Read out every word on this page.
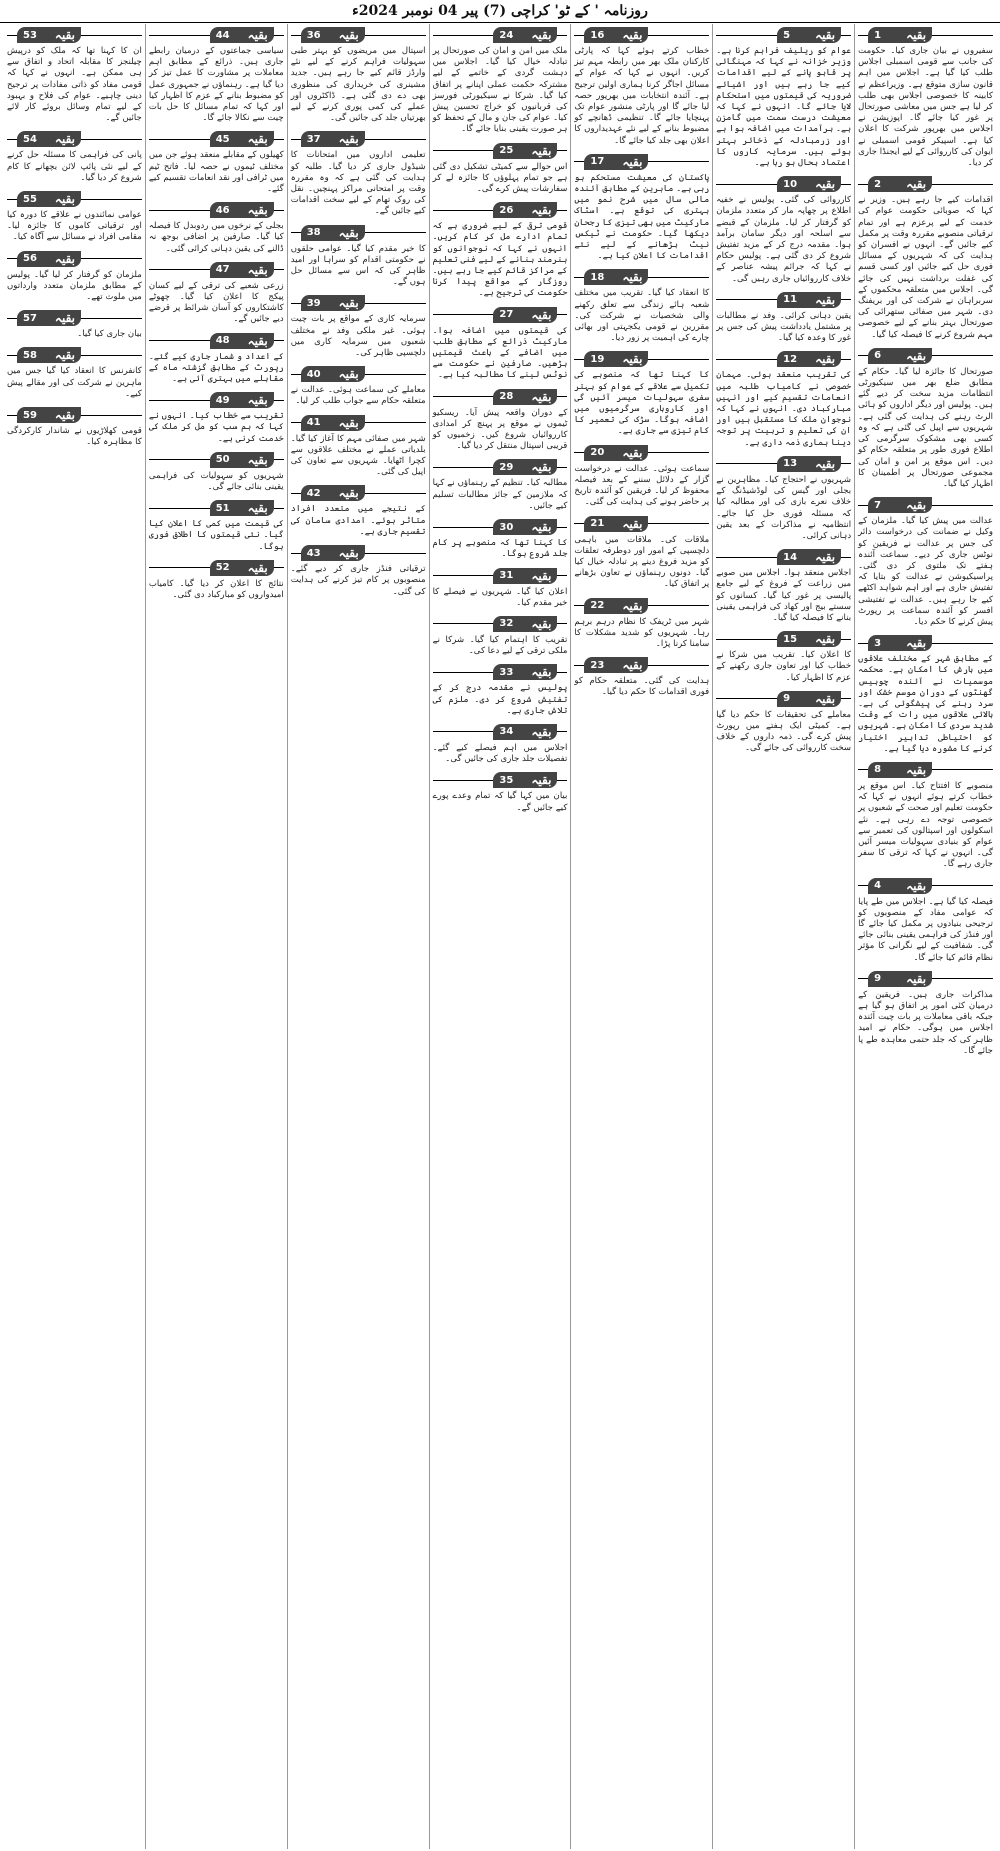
روزنامہ ' کے ٹو' کراچی (7) پیر 04 نومبر 2024ء
1 بقیہ
سفیروں نے بیان جاری کیا۔ حکومت کی جانب سے قومی اسمبلی اجلاس طلب کیا گیا ہے۔ اجلاس میں اہم قانون سازی متوقع ہے۔ وزیراعظم نے کابینہ کا خصوصی اجلاس بھی طلب کر لیا ہے جس میں معاشی صورتحال پر غور کیا جائے گا۔ اپوزیشن نے اجلاس میں بھرپور شرکت کا اعلان کیا ہے۔ اسپیکر قومی اسمبلی نے ایوان کی کارروائی کے لیے ایجنڈا جاری کر دیا۔
2 بقیہ
اقدامات کیے جا رہے ہیں۔ وزیر نے کہا کہ صوبائی حکومت عوام کی خدمت کے لیے پرعزم ہے اور تمام ترقیاتی منصوبے مقررہ وقت پر مکمل کیے جائیں گے۔ انہوں نے افسران کو ہدایت کی کہ شہریوں کے مسائل فوری حل کیے جائیں اور کسی قسم کی غفلت برداشت نہیں کی جائے گی۔ اجلاس میں متعلقہ محکموں کے سربراہان نے شرکت کی اور بریفنگ دی۔ شہر میں صفائی ستھرائی کی صورتحال بہتر بنانے کے لیے خصوصی مہم شروع کرنے کا فیصلہ کیا گیا۔
6 بقیہ
صورتحال کا جائزہ لیا گیا۔ حکام کے مطابق ضلع بھر میں سیکیورٹی انتظامات مزید سخت کر دیے گئے ہیں۔ پولیس اور دیگر اداروں کو ہائی الرٹ رہنے کی ہدایت کی گئی ہے۔ شہریوں سے اپیل کی گئی ہے کہ وہ کسی بھی مشکوک سرگرمی کی اطلاع فوری طور پر متعلقہ حکام کو دیں۔ اس موقع پر امن و امان کی مجموعی صورتحال پر اطمینان کا اظہار کیا گیا۔
7 بقیہ
عدالت میں پیش کیا گیا۔ ملزمان کے وکیل نے ضمانت کی درخواست دائر کی جس پر عدالت نے فریقین کو نوٹس جاری کر دیے۔ سماعت آئندہ ہفتے تک ملتوی کر دی گئی۔ پراسیکیوشن نے عدالت کو بتایا کہ تفتیش جاری ہے اور اہم شواہد اکٹھے کیے جا رہے ہیں۔ عدالت نے تفتیشی افسر کو آئندہ سماعت پر رپورٹ پیش کرنے کا حکم دیا۔
3 بقیہ
کے مطابق شہر کے مختلف علاقوں میں بارش کا امکان ہے۔ محکمہ موسمیات نے آئندہ چوبیس گھنٹوں کے دوران موسم خشک اور سرد رہنے کی پیشگوئی کی ہے۔ بالائی علاقوں میں رات کے وقت شدید سردی کا امکان ہے۔ شہریوں کو احتیاطی تدابیر اختیار کرنے کا مشورہ دیا گیا ہے۔
8 بقیہ
منصوبے کا افتتاح کیا۔ اس موقع پر خطاب کرتے ہوئے انہوں نے کہا کہ حکومت تعلیم اور صحت کے شعبوں پر خصوصی توجہ دے رہی ہے۔ نئے اسکولوں اور اسپتالوں کی تعمیر سے عوام کو بنیادی سہولیات میسر آئیں گی۔ انہوں نے کہا کہ ترقی کا سفر جاری رہے گا۔
4 بقیہ
فیصلہ کیا گیا ہے۔ اجلاس میں طے پایا کہ عوامی مفاد کے منصوبوں کو ترجیحی بنیادوں پر مکمل کیا جائے گا اور فنڈز کی فراہمی یقینی بنائی جائے گی۔ شفافیت کے لیے نگرانی کا مؤثر نظام قائم کیا جائے گا۔
9 بقیہ
مذاکرات جاری ہیں۔ فریقین کے درمیان کئی امور پر اتفاق ہو گیا ہے جبکہ باقی معاملات پر بات چیت آئندہ اجلاس میں ہوگی۔ حکام نے امید ظاہر کی کہ جلد حتمی معاہدہ طے پا جائے گا۔
5 بقیہ
عوام کو ریلیف فراہم کرنا ہے۔ وزیر خزانہ نے کہا کہ مہنگائی پر قابو پانے کے لیے اقدامات کیے جا رہے ہیں اور اشیائے ضروریہ کی قیمتوں میں استحکام لایا جائے گا۔ انہوں نے کہا کہ معیشت درست سمت میں گامزن ہے۔ برآمدات میں اضافہ ہوا ہے اور زرمبادلہ کے ذخائر بہتر ہوئے ہیں۔ سرمایہ کاروں کا اعتماد بحال ہو رہا ہے۔
10 بقیہ
کارروائی کی گئی۔ پولیس نے خفیہ اطلاع پر چھاپہ مار کر متعدد ملزمان کو گرفتار کر لیا۔ ملزمان کے قبضے سے اسلحہ اور دیگر سامان برآمد ہوا۔ مقدمہ درج کر کے مزید تفتیش شروع کر دی گئی ہے۔ پولیس حکام نے کہا کہ جرائم پیشہ عناصر کے خلاف کارروائیاں جاری رہیں گی۔
11 بقیہ
یقین دہانی کرائی۔ وفد نے مطالبات پر مشتمل یادداشت پیش کی جس پر غور کا وعدہ کیا گیا۔
12 بقیہ
کی تقریب منعقد ہوئی۔ مہمان خصوصی نے کامیاب طلبہ میں انعامات تقسیم کیے اور انہیں مبارکباد دی۔ انہوں نے کہا کہ نوجوان ملک کا مستقبل ہیں اور ان کی تعلیم و تربیت پر توجہ دینا ہماری ذمہ داری ہے۔
13 بقیہ
شہریوں نے احتجاج کیا۔ مظاہرین نے بجلی اور گیس کی لوڈشیڈنگ کے خلاف نعرے بازی کی اور مطالبہ کیا کہ مسئلہ فوری حل کیا جائے۔ انتظامیہ نے مذاکرات کے بعد یقین دہانی کرائی۔
14 بقیہ
اجلاس منعقد ہوا۔ اجلاس میں صوبے میں زراعت کے فروغ کے لیے جامع پالیسی پر غور کیا گیا۔ کسانوں کو سستے بیج اور کھاد کی فراہمی یقینی بنانے کا فیصلہ کیا گیا۔
15 بقیہ
کا اعلان کیا۔ تقریب میں شرکا نے خطاب کیا اور تعاون جاری رکھنے کے عزم کا اظہار کیا۔
9 بقیہ
معاملے کی تحقیقات کا حکم دیا گیا ہے۔ کمیٹی ایک ہفتے میں رپورٹ پیش کرے گی۔ ذمہ داروں کے خلاف سخت کارروائی کی جائے گی۔
16 بقیہ
خطاب کرتے ہوئے کہا کہ پارٹی کارکنان ملک بھر میں رابطہ مہم تیز کریں۔ انہوں نے کہا کہ عوام کے مسائل اجاگر کرنا ہماری اولین ترجیح ہے۔ آئندہ انتخابات میں بھرپور حصہ لیا جائے گا اور پارٹی منشور عوام تک پہنچایا جائے گا۔ تنظیمی ڈھانچے کو مضبوط بنانے کے لیے نئے عہدیداروں کا اعلان بھی جلد کیا جائے گا۔
17 بقیہ
پاکستان کی معیشت مستحکم ہو رہی ہے۔ ماہرین کے مطابق آئندہ مالی سال میں شرح نمو میں بہتری کی توقع ہے۔ اسٹاک مارکیٹ میں بھی تیزی کا رجحان دیکھا گیا۔ حکومت نے ٹیکس نیٹ بڑھانے کے لیے نئے اقدامات کا اعلان کیا ہے۔
18 بقیہ
کا انعقاد کیا گیا۔ تقریب میں مختلف شعبہ ہائے زندگی سے تعلق رکھنے والی شخصیات نے شرکت کی۔ مقررین نے قومی یکجہتی اور بھائی چارے کی اہمیت پر زور دیا۔
19 بقیہ
کا کہنا تھا کہ منصوبے کی تکمیل سے علاقے کے عوام کو بہتر سفری سہولیات میسر آئیں گی اور کاروباری سرگرمیوں میں اضافہ ہوگا۔ سڑک کی تعمیر کا کام تیزی سے جاری ہے۔
20 بقیہ
سماعت ہوئی۔ عدالت نے درخواست گزار کے دلائل سننے کے بعد فیصلہ محفوظ کر لیا۔ فریقین کو آئندہ تاریخ پر حاضر ہونے کی ہدایت کی گئی۔
21 بقیہ
ملاقات کی۔ ملاقات میں باہمی دلچسپی کے امور اور دوطرفہ تعلقات کو مزید فروغ دینے پر تبادلہ خیال کیا گیا۔ دونوں رہنماؤں نے تعاون بڑھانے پر اتفاق کیا۔
22 بقیہ
شہر میں ٹریفک کا نظام درہم برہم رہا۔ شہریوں کو شدید مشکلات کا سامنا کرنا پڑا۔
23 بقیہ
ہدایت کی گئی۔ متعلقہ حکام کو فوری اقدامات کا حکم دیا گیا۔
24 بقیہ
ملک میں امن و امان کی صورتحال پر تبادلہ خیال کیا گیا۔ اجلاس میں دہشت گردی کے خاتمے کے لیے مشترکہ حکمت عملی اپنانے پر اتفاق کیا گیا۔ شرکا نے سیکیورٹی فورسز کی قربانیوں کو خراج تحسین پیش کیا۔ عوام کی جان و مال کے تحفظ کو ہر صورت یقینی بنایا جائے گا۔
25 بقیہ
اس حوالے سے کمیٹی تشکیل دی گئی ہے جو تمام پہلوؤں کا جائزہ لے کر سفارشات پیش کرے گی۔
26 بقیہ
قومی ترقی کے لیے ضروری ہے کہ تمام ادارے مل کر کام کریں۔ انہوں نے کہا کہ نوجوانوں کو ہنرمند بنانے کے لیے فنی تعلیم کے مراکز قائم کیے جا رہے ہیں۔ روزگار کے مواقع پیدا کرنا حکومت کی ترجیح ہے۔
27 بقیہ
کی قیمتوں میں اضافہ ہوا۔ مارکیٹ ذرائع کے مطابق طلب میں اضافے کے باعث قیمتیں بڑھیں۔ صارفین نے حکومت سے نوٹس لینے کا مطالبہ کیا ہے۔
28 بقیہ
کے دوران واقعہ پیش آیا۔ ریسکیو ٹیموں نے موقع پر پہنچ کر امدادی کارروائیاں شروع کیں۔ زخمیوں کو قریبی اسپتال منتقل کر دیا گیا۔
29 بقیہ
مطالبہ کیا۔ تنظیم کے رہنماؤں نے کہا کہ ملازمین کے جائز مطالبات تسلیم کیے جائیں۔
30 بقیہ
کا کہنا تھا کہ منصوبے پر کام جلد شروع ہوگا۔
31 بقیہ
اعلان کیا گیا۔ شہریوں نے فیصلے کا خیر مقدم کیا۔
32 بقیہ
تقریب کا اہتمام کیا گیا۔ شرکا نے ملکی ترقی کے لیے دعا کی۔
33 بقیہ
پولیس نے مقدمہ درج کر کے تفتیش شروع کر دی۔ ملزم کی تلاش جاری ہے۔
34 بقیہ
اجلاس میں اہم فیصلے کیے گئے۔ تفصیلات جلد جاری کی جائیں گی۔
35 بقیہ
بیان میں کہا گیا کہ تمام وعدے پورے کیے جائیں گے۔
36 بقیہ
اسپتال میں مریضوں کو بہتر طبی سہولیات فراہم کرنے کے لیے نئے وارڈز قائم کیے جا رہے ہیں۔ جدید مشینری کی خریداری کی منظوری بھی دے دی گئی ہے۔ ڈاکٹروں اور عملے کی کمی پوری کرنے کے لیے بھرتیاں جلد کی جائیں گی۔
37 بقیہ
تعلیمی اداروں میں امتحانات کا شیڈول جاری کر دیا گیا۔ طلبہ کو ہدایت کی گئی ہے کہ وہ مقررہ وقت پر امتحانی مراکز پہنچیں۔ نقل کی روک تھام کے لیے سخت اقدامات کیے جائیں گے۔
38 بقیہ
کا خیر مقدم کیا گیا۔ عوامی حلقوں نے حکومتی اقدام کو سراہا اور امید ظاہر کی کہ اس سے مسائل حل ہوں گے۔
39 بقیہ
سرمایہ کاری کے مواقع پر بات چیت ہوئی۔ غیر ملکی وفد نے مختلف شعبوں میں سرمایہ کاری میں دلچسپی ظاہر کی۔
40 بقیہ
معاملے کی سماعت ہوئی۔ عدالت نے متعلقہ حکام سے جواب طلب کر لیا۔
41 بقیہ
شہر میں صفائی مہم کا آغاز کیا گیا۔ بلدیاتی عملے نے مختلف علاقوں سے کچرا اٹھایا۔ شہریوں سے تعاون کی اپیل کی گئی۔
42 بقیہ
کے نتیجے میں متعدد افراد متاثر ہوئے۔ امدادی سامان کی تقسیم جاری ہے۔
43 بقیہ
ترقیاتی فنڈز جاری کر دیے گئے۔ منصوبوں پر کام تیز کرنے کی ہدایت کی گئی۔
44 بقیہ
سیاسی جماعتوں کے درمیان رابطے جاری ہیں۔ ذرائع کے مطابق اہم معاملات پر مشاورت کا عمل تیز کر دیا گیا ہے۔ رہنماؤں نے جمہوری عمل کو مضبوط بنانے کے عزم کا اظہار کیا اور کہا کہ تمام مسائل کا حل بات چیت سے نکالا جائے گا۔
45 بقیہ
کھیلوں کے مقابلے منعقد ہوئے جن میں مختلف ٹیموں نے حصہ لیا۔ فاتح ٹیم میں ٹرافی اور نقد انعامات تقسیم کیے گئے۔
46 بقیہ
بجلی کے نرخوں میں ردوبدل کا فیصلہ کیا گیا۔ صارفین پر اضافی بوجھ نہ ڈالنے کی یقین دہانی کرائی گئی۔
47 بقیہ
زرعی شعبے کی ترقی کے لیے کسان پیکج کا اعلان کیا گیا۔ چھوٹے کاشتکاروں کو آسان شرائط پر قرضے دیے جائیں گے۔
48 بقیہ
کے اعداد و شمار جاری کیے گئے۔ رپورٹ کے مطابق گزشتہ ماہ کے مقابلے میں بہتری آئی ہے۔
49 بقیہ
تقریب سے خطاب کیا۔ انہوں نے کہا کہ ہم سب کو مل کر ملک کی خدمت کرنی ہے۔
50 بقیہ
شہریوں کو سہولیات کی فراہمی یقینی بنائی جائے گی۔
51 بقیہ
کی قیمت میں کمی کا اعلان کیا گیا۔ نئی قیمتوں کا اطلاق فوری ہوگا۔
52 بقیہ
نتائج کا اعلان کر دیا گیا۔ کامیاب امیدواروں کو مبارکباد دی گئی۔
53 بقیہ
ان کا کہنا تھا کہ ملک کو درپیش چیلنجز کا مقابلہ اتحاد و اتفاق سے ہی ممکن ہے۔ انہوں نے کہا کہ قومی مفاد کو ذاتی مفادات پر ترجیح دینی چاہیے۔ عوام کی فلاح و بہبود کے لیے تمام وسائل بروئے کار لائے جائیں گے۔
54 بقیہ
پانی کی فراہمی کا مسئلہ حل کرنے کے لیے نئی پائپ لائن بچھانے کا کام شروع کر دیا گیا۔
55 بقیہ
عوامی نمائندوں نے علاقے کا دورہ کیا اور ترقیاتی کاموں کا جائزہ لیا۔ مقامی افراد نے مسائل سے آگاہ کیا۔
56 بقیہ
ملزمان کو گرفتار کر لیا گیا۔ پولیس کے مطابق ملزمان متعدد وارداتوں میں ملوث تھے۔
57 بقیہ
بیان جاری کیا گیا۔
58 بقیہ
کانفرنس کا انعقاد کیا گیا جس میں ماہرین نے شرکت کی اور مقالے پیش کیے۔
59 بقیہ
قومی کھلاڑیوں نے شاندار کارکردگی کا مظاہرہ کیا۔
